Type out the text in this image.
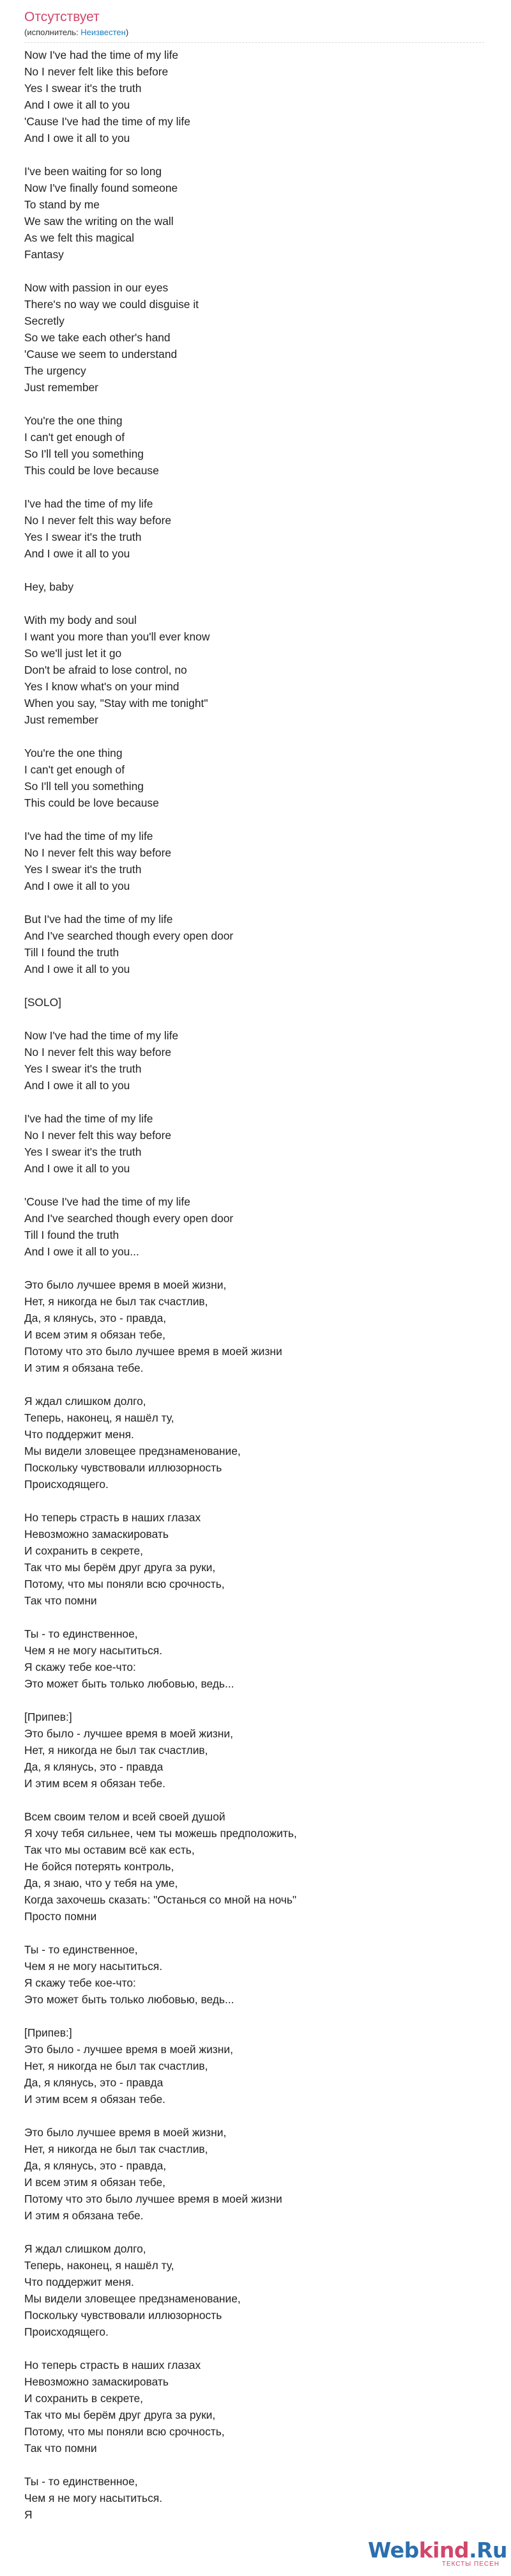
Отсутствует
(исполнитель: Неизвестен)
Now I've had the time of my life
No I never felt like this before
Yes I swear it's the truth
And I owe it all to you
'Cause I've had the time of my life
And I owe it all to you
I've been waiting for so long
Now I've finally found someone
To stand by me
We saw the writing on the wall
As we felt this magical
Fantasy
Now with passion in our eyes
There's no way we could disguise it
Secretly
So we take each other's hand
'Cause we seem to understand
The urgency
Just remember
You're the one thing
I can't get enough of
So I'll tell you something
This could be love because
I've had the time of my life
No I never felt this way before
Yes I swear it's the truth
And I owe it all to you
Hey, baby
With my body and soul
I want you more than you'll ever know
So we'll just let it go
Don't be afraid to lose control, no
Yes I know what's on your mind
When you say, "Stay with me tonight"
Just remember
You're the one thing
I can't get enough of
So I'll tell you something
This could be love because
I've had the time of my life
No I never felt this way before
Yes I swear it's the truth
And I owe it all to you
But I've had the time of my life
And I've searched though every open door
Till I found the truth
And I owe it all to you
[SOLO]
Now I've had the time of my life
No I never felt this way before
Yes I swear it's the truth
And I owe it all to you
I've had the time of my life
No I never felt this way before
Yes I swear it's the truth
And I owe it all to you
'Couse I've had the time of my life
And I've searched though every open door
Till I found the truth
And I owe it all to you...
Это было лучшее время в моей жизни,
Нет, я никогда не был так счастлив,
Да, я клянусь, это - правда,
И всем этим я обязан тебе,
Потому что это было лучшее время в моей жизни
И этим я обязана тебе.
Я ждал слишком долго,
Теперь, наконец, я нашёл ту,
Что поддержит меня.
Мы видели зловещее предзнаменование,
Поскольку чувствовали иллюзорность
Происходящего.
Но теперь страсть в наших глазах
Невозможно замаскировать
И сохранить в секрете,
Так что мы берём друг друга за руки,
Потому, что мы поняли всю срочность,
Так что помни
Ты - то единственное,
Чем я не могу насытиться.
Я скажу тебе кое-что:
Это может быть только любовью, ведь...
[Припев:]
Это было - лучшее время в моей жизни,
Нет, я никогда не был так счастлив,
Да, я клянусь, это - правда
И этим всем я обязан тебе.
Всем своим телом и всей своей душой
Я хочу тебя сильнее, чем ты можешь предположить,
Так что мы оставим всё как есть,
Не бойся потерять контроль,
Да, я знаю, что у тебя на уме,
Когда захочешь сказать: "Останься со мной на ночь"
Просто помни
Ты - то единственное,
Чем я не могу насытиться.
Я скажу тебе кое-что:
Это может быть только любовью, ведь...
[Припев:]
Это было - лучшее время в моей жизни,
Нет, я никогда не был так счастлив,
Да, я клянусь, это - правда
И этим всем я обязан тебе.
Это было лучшее время в моей жизни,
Нет, я никогда не был так счастлив,
Да, я клянусь, это - правда,
И всем этим я обязан тебе,
Потому что это было лучшее время в моей жизни
И этим я обязана тебе.
Я ждал слишком долго,
Теперь, наконец, я нашёл ту,
Что поддержит меня.
Мы видели зловещее предзнаменование,
Поскольку чувствовали иллюзорность
Происходящего.
Но теперь страсть в наших глазах
Невозможно замаскировать
И сохранить в секрете,
Так что мы берём друг друга за руки,
Потому, что мы поняли всю срочность,
Так что помни
Ты - то единственное,
Чем я не могу насытиться.
Я
Webkind.Ru
ТЕКСТЫ ПЕСЕН
